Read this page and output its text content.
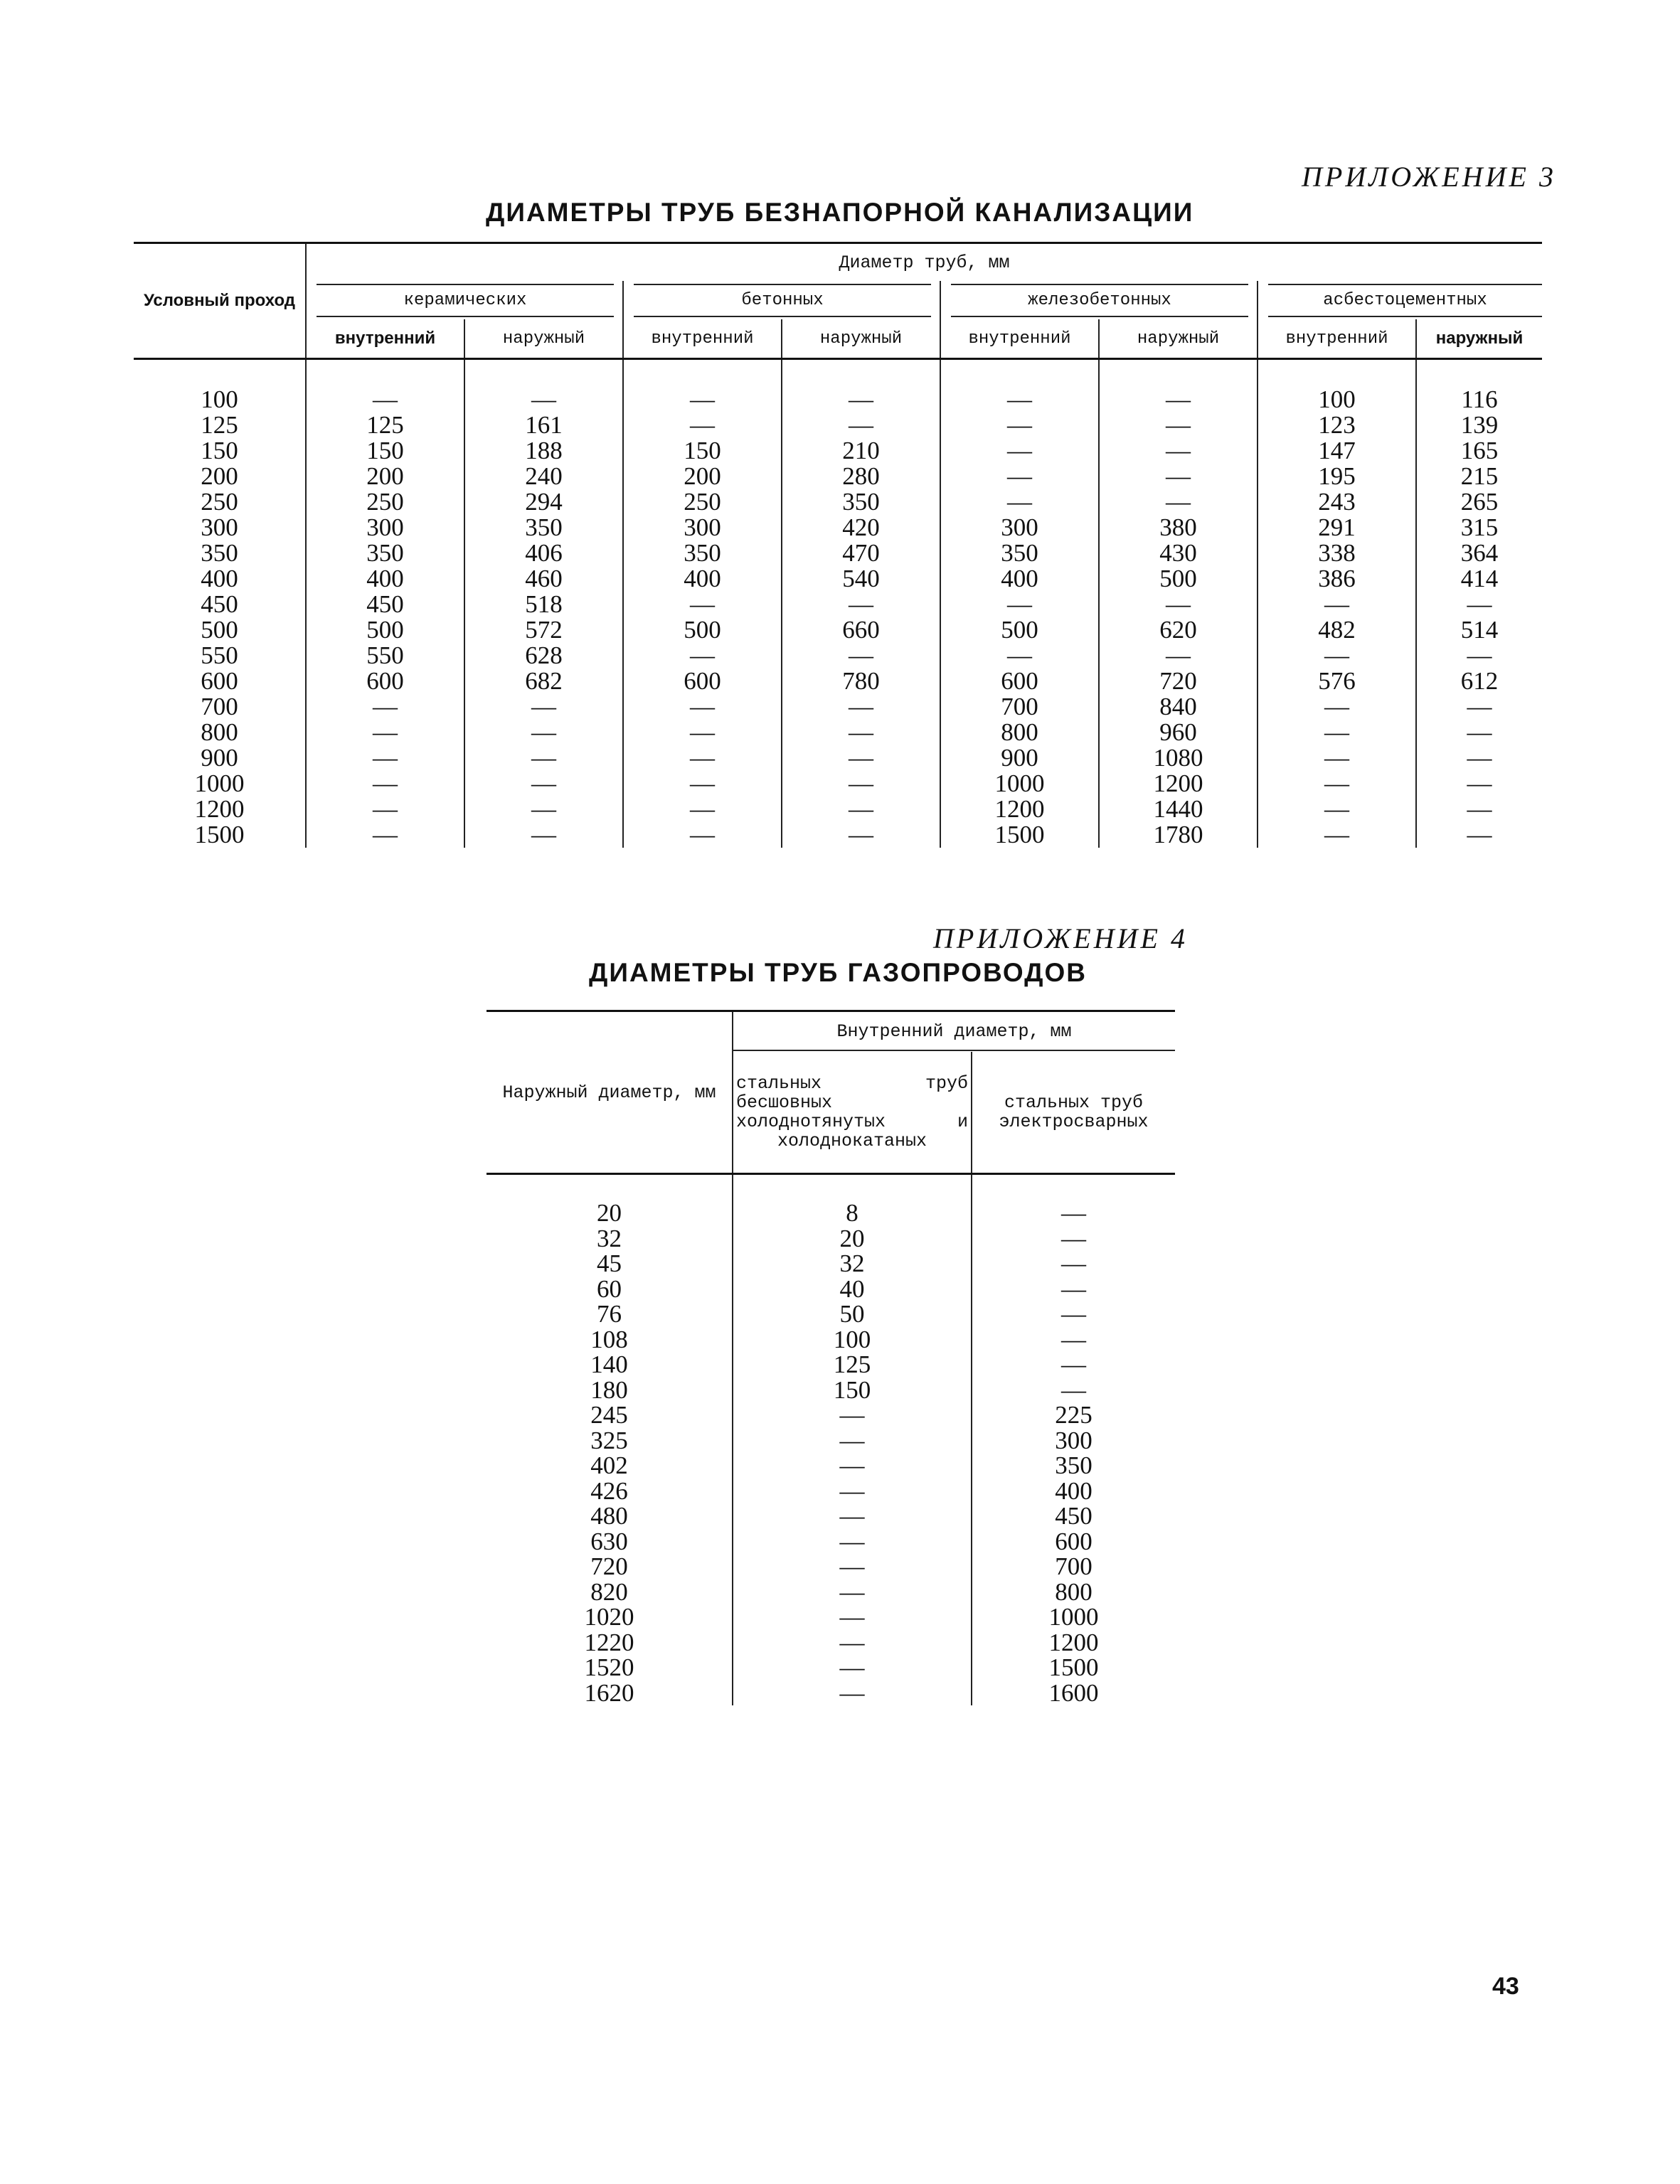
ПРИЛОЖЕНИЕ 3
ДИАМЕТРЫ ТРУБ БЕЗНАПОРНОЙ КАНАЛИЗАЦИИ
Условный проход	Диаметр труб, мм							

	керамических		бетонных		железобетонных		асбестоцементных	

	внутренний	наружный	внутренний	наружный	внутренний	наружный	внутренний	наружный
100	—	—	—	—	—	—	100	116
125	125	161	—	—	—	—	123	139
150	150	188	150	210	—	—	147	165
200	200	240	200	280	—	—	195	215
250	250	294	250	350	—	—	243	265
300	300	350	300	420	300	380	291	315
350	350	406	350	470	350	430	338	364
400	400	460	400	540	400	500	386	414
450	450	518	—	—	—	—	—	—
500	500	572	500	660	500	620	482	514
550	550	628	—	—	—	—	—	—
600	600	682	600	780	600	720	576	612
700	—	—	—	—	700	840	—	—
800	—	—	—	—	800	960	—	—
900	—	—	—	—	900	1080	—	—
1000	—	—	—	—	1000	1200	—	—
1200	—	—	—	—	1200	1440	—	—
1500	—	—	—	—	1500	1780	—	—
ПРИЛОЖЕНИЕ 4
ДИАМЕТРЫ ТРУБ ГАЗОПРОВОДОВ
Наружный диаметр, мм	Внутренний диаметр, мм	

	стальных труб бесшовных холоднотянутых и холоднокатаных	стальных труб электросварных
20	8	—
32	20	—
45	32	—
60	40	—
76	50	—
108	100	—
140	125	—
180	150	—
245	—	225
325	—	300
402	—	350
426	—	400
480	—	450
630	—	600
720	—	700
820	—	800
1020	—	1000
1220	—	1200
1520	—	1500
1620	—	1600
43
